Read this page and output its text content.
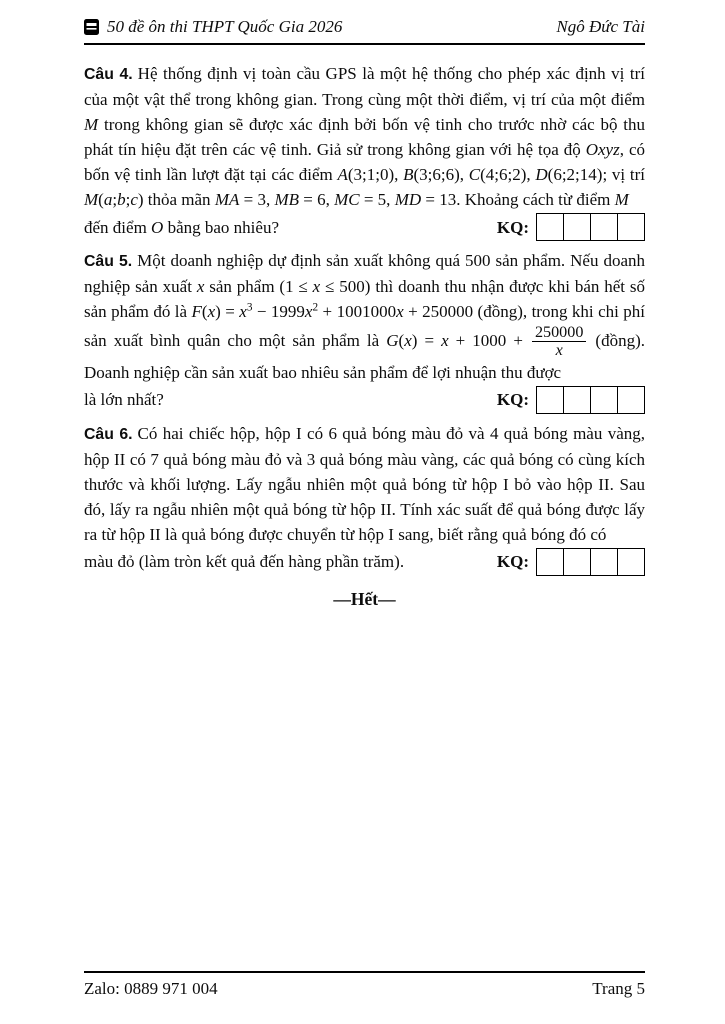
50 đề ôn thi THPT Quốc Gia 2026	Ngô Đức Tài
Câu 4. Hệ thống định vị toàn cầu GPS là một hệ thống cho phép xác định vị trí của một vật thể trong không gian. Trong cùng một thời điểm, vị trí của một điểm M trong không gian sẽ được xác định bởi bốn vệ tinh cho trước nhờ các bộ thu phát tín hiệu đặt trên các vệ tinh. Giả sử trong không gian với hệ tọa độ Oxyz, có bốn vệ tinh lần lượt đặt tại các điểm A(3;1;0), B(3;6;6), C(4;6;2), D(6;2;14); vị trí M(a;b;c) thỏa mãn MA = 3, MB = 6, MC = 5, MD = 13. Khoảng cách từ điểm M
đến điểm O bằng bao nhiêu?	KQ:
Câu 5. Một doanh nghiệp dự định sản xuất không quá 500 sản phẩm. Nếu doanh nghiệp sản xuất x sản phẩm (1 ≤ x ≤ 500) thì doanh thu nhận được khi bán hết số sản phẩm đó là $F(x) = x^3 - 1999x^2 + 1001000x + 250000$ (đồng), trong khi chi phí sản xuất bình quân cho một sản phẩm là $G(x) = x + 1000 + \frac{250000}{x}$ (đồng). Doanh nghiệp cần sản xuất bao nhiêu sản phẩm để lợi nhuận thu được
là lớn nhất?	KQ:
Câu 6. Có hai chiếc hộp, hộp I có 6 quả bóng màu đỏ và 4 quả bóng màu vàng, hộp II có 7 quả bóng màu đỏ và 3 quả bóng màu vàng, các quả bóng có cùng kích thước và khối lượng. Lấy ngẫu nhiên một quả bóng từ hộp I bỏ vào hộp II. Sau đó, lấy ra ngẫu nhiên một quả bóng từ hộp II. Tính xác suất để quả bóng được lấy ra từ hộp II là quả bóng được chuyển từ hộp I sang, biết rằng quả bóng đó có
màu đỏ (làm tròn kết quả đến hàng phần trăm).	KQ:
—Hết—
Zalo: 0889 971 004	Trang 5
